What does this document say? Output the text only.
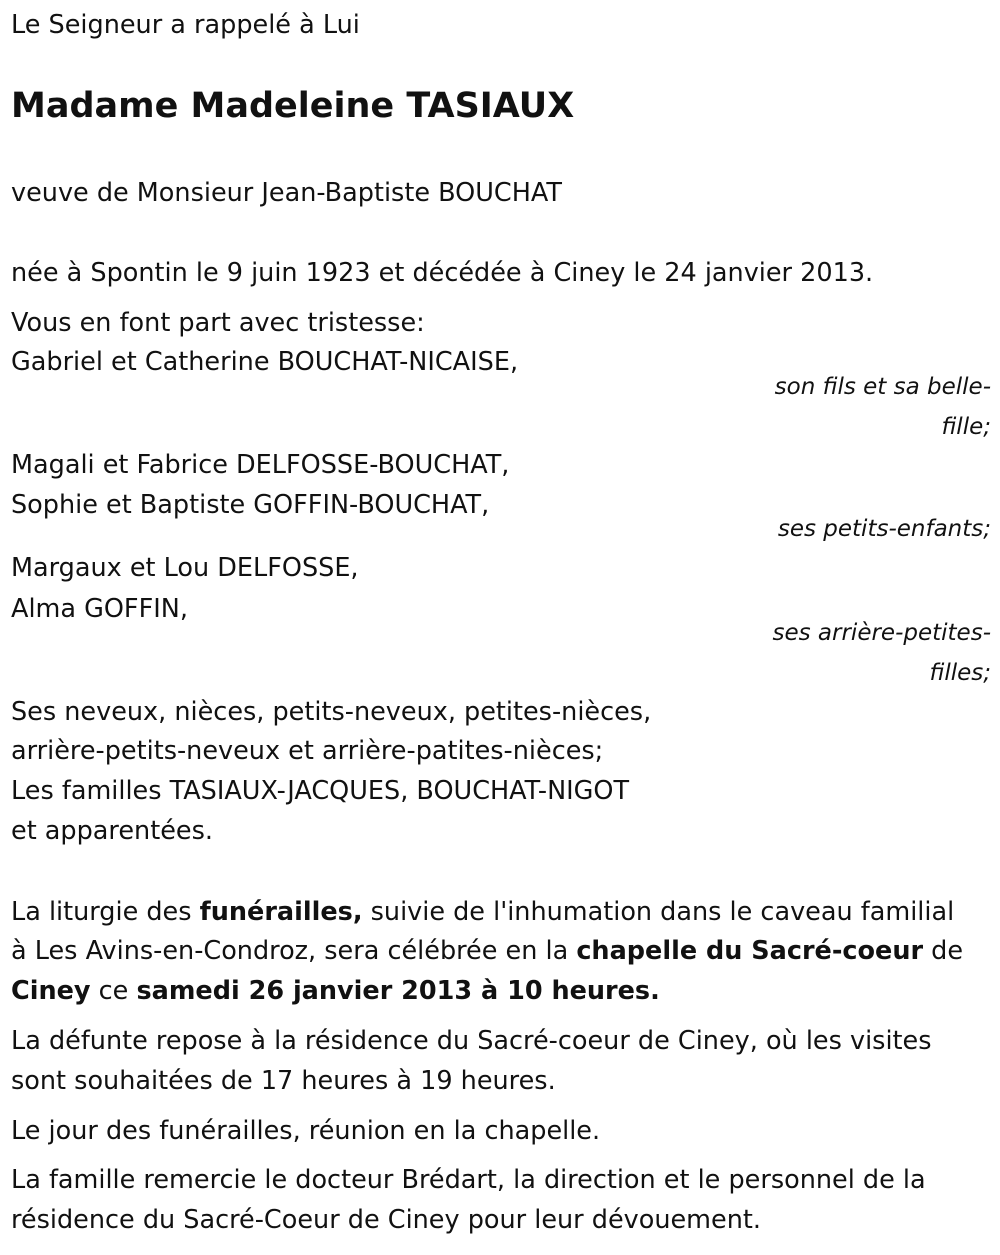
Le Seigneur a rappelé à Lui

Madame Madeleine TASIAUX

veuve de Monsieur Jean-Baptiste BOUCHAT

née à Spontin le 9 juin 1923 et décédée à Ciney le 24 janvier 2013.

Vous en font part avec tristesse:

Gabriel et Catherine BOUCHAT-NICAISE,

son fils et sa belle-
fille;

Magali et Fabrice DELFOSSE-BOUCHAT,

Sophie et Baptiste GOFFIN-BOUCHAT,

ses petits-enfants;

Margaux et Lou DELFOSSE,

Alma GOFFIN,

ses arrière-petites-
filles;

Ses neveux, nièces, petits-neveux, petites-nièces,

arrière-petits-neveux et arrière-patites-nièces;

Les familles TASIAUX-JACQUES, BOUCHAT-NIGOT

et apparentées.

La liturgie des funérailles, suivie de l'inhumation dans le caveau familial

à Les Avins-en-Condroz, sera célébrée en la chapelle du Sacré-coeur de

Ciney ce samedi 26 janvier 2013 à 10 heures.

La défunte repose à la résidence du Sacré-coeur de Ciney, où les visites

sont souhaitées de 17 heures à 19 heures.

Le jour des funérailles, réunion en la chapelle.

La famille remercie le docteur Brédart, la direction et le personnel de la

résidence du Sacré-Coeur de Ciney pour leur dévouement.
